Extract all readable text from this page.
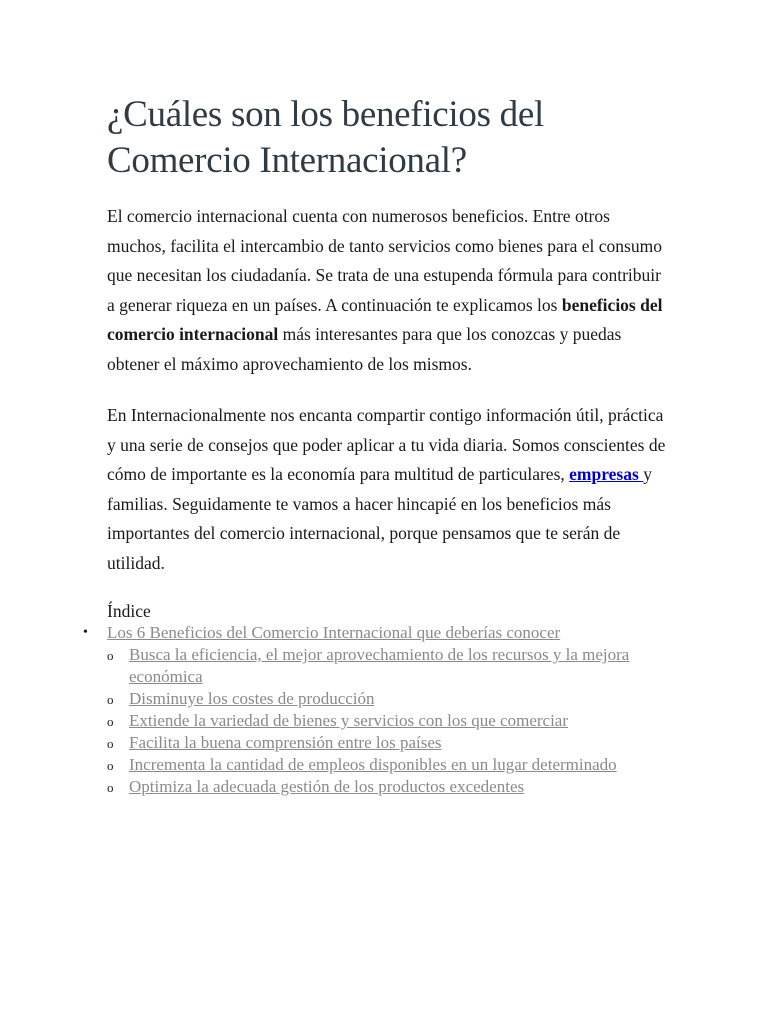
¿Cuáles son los beneficios del Comercio Internacional?

El comercio internacional cuenta con numerosos beneficios. Entre otros muchos, facilita el intercambio de tanto servicios como bienes para el consumo que necesitan los ciudadanía. Se trata de una estupenda fórmula para contribuir a generar riqueza en un países. A continuación te explicamos los beneficios del comercio internacional más interesantes para que los conozcas y puedas obtener el máximo aprovechamiento de los mismos.

En Internacionalmente nos encanta compartir contigo información útil, práctica y una serie de consejos que poder aplicar a tu vida diaria. Somos conscientes de cómo de importante es la economía para multitud de particulares, empresas y familias. Seguidamente te vamos a hacer hincapié en los beneficios más importantes del comercio internacional, porque pensamos que te serán de utilidad.

Índice
• Los 6 Beneficios del Comercio Internacional que deberías conocer
o Busca la eficiencia, el mejor aprovechamiento de los recursos y la mejora económica
o Disminuye los costes de producción
o Extiende la variedad de bienes y servicios con los que comerciar
o Facilita la buena comprensión entre los países
o Incrementa la cantidad de empleos disponibles en un lugar determinado
o Optimiza la adecuada gestión de los productos excedentes
